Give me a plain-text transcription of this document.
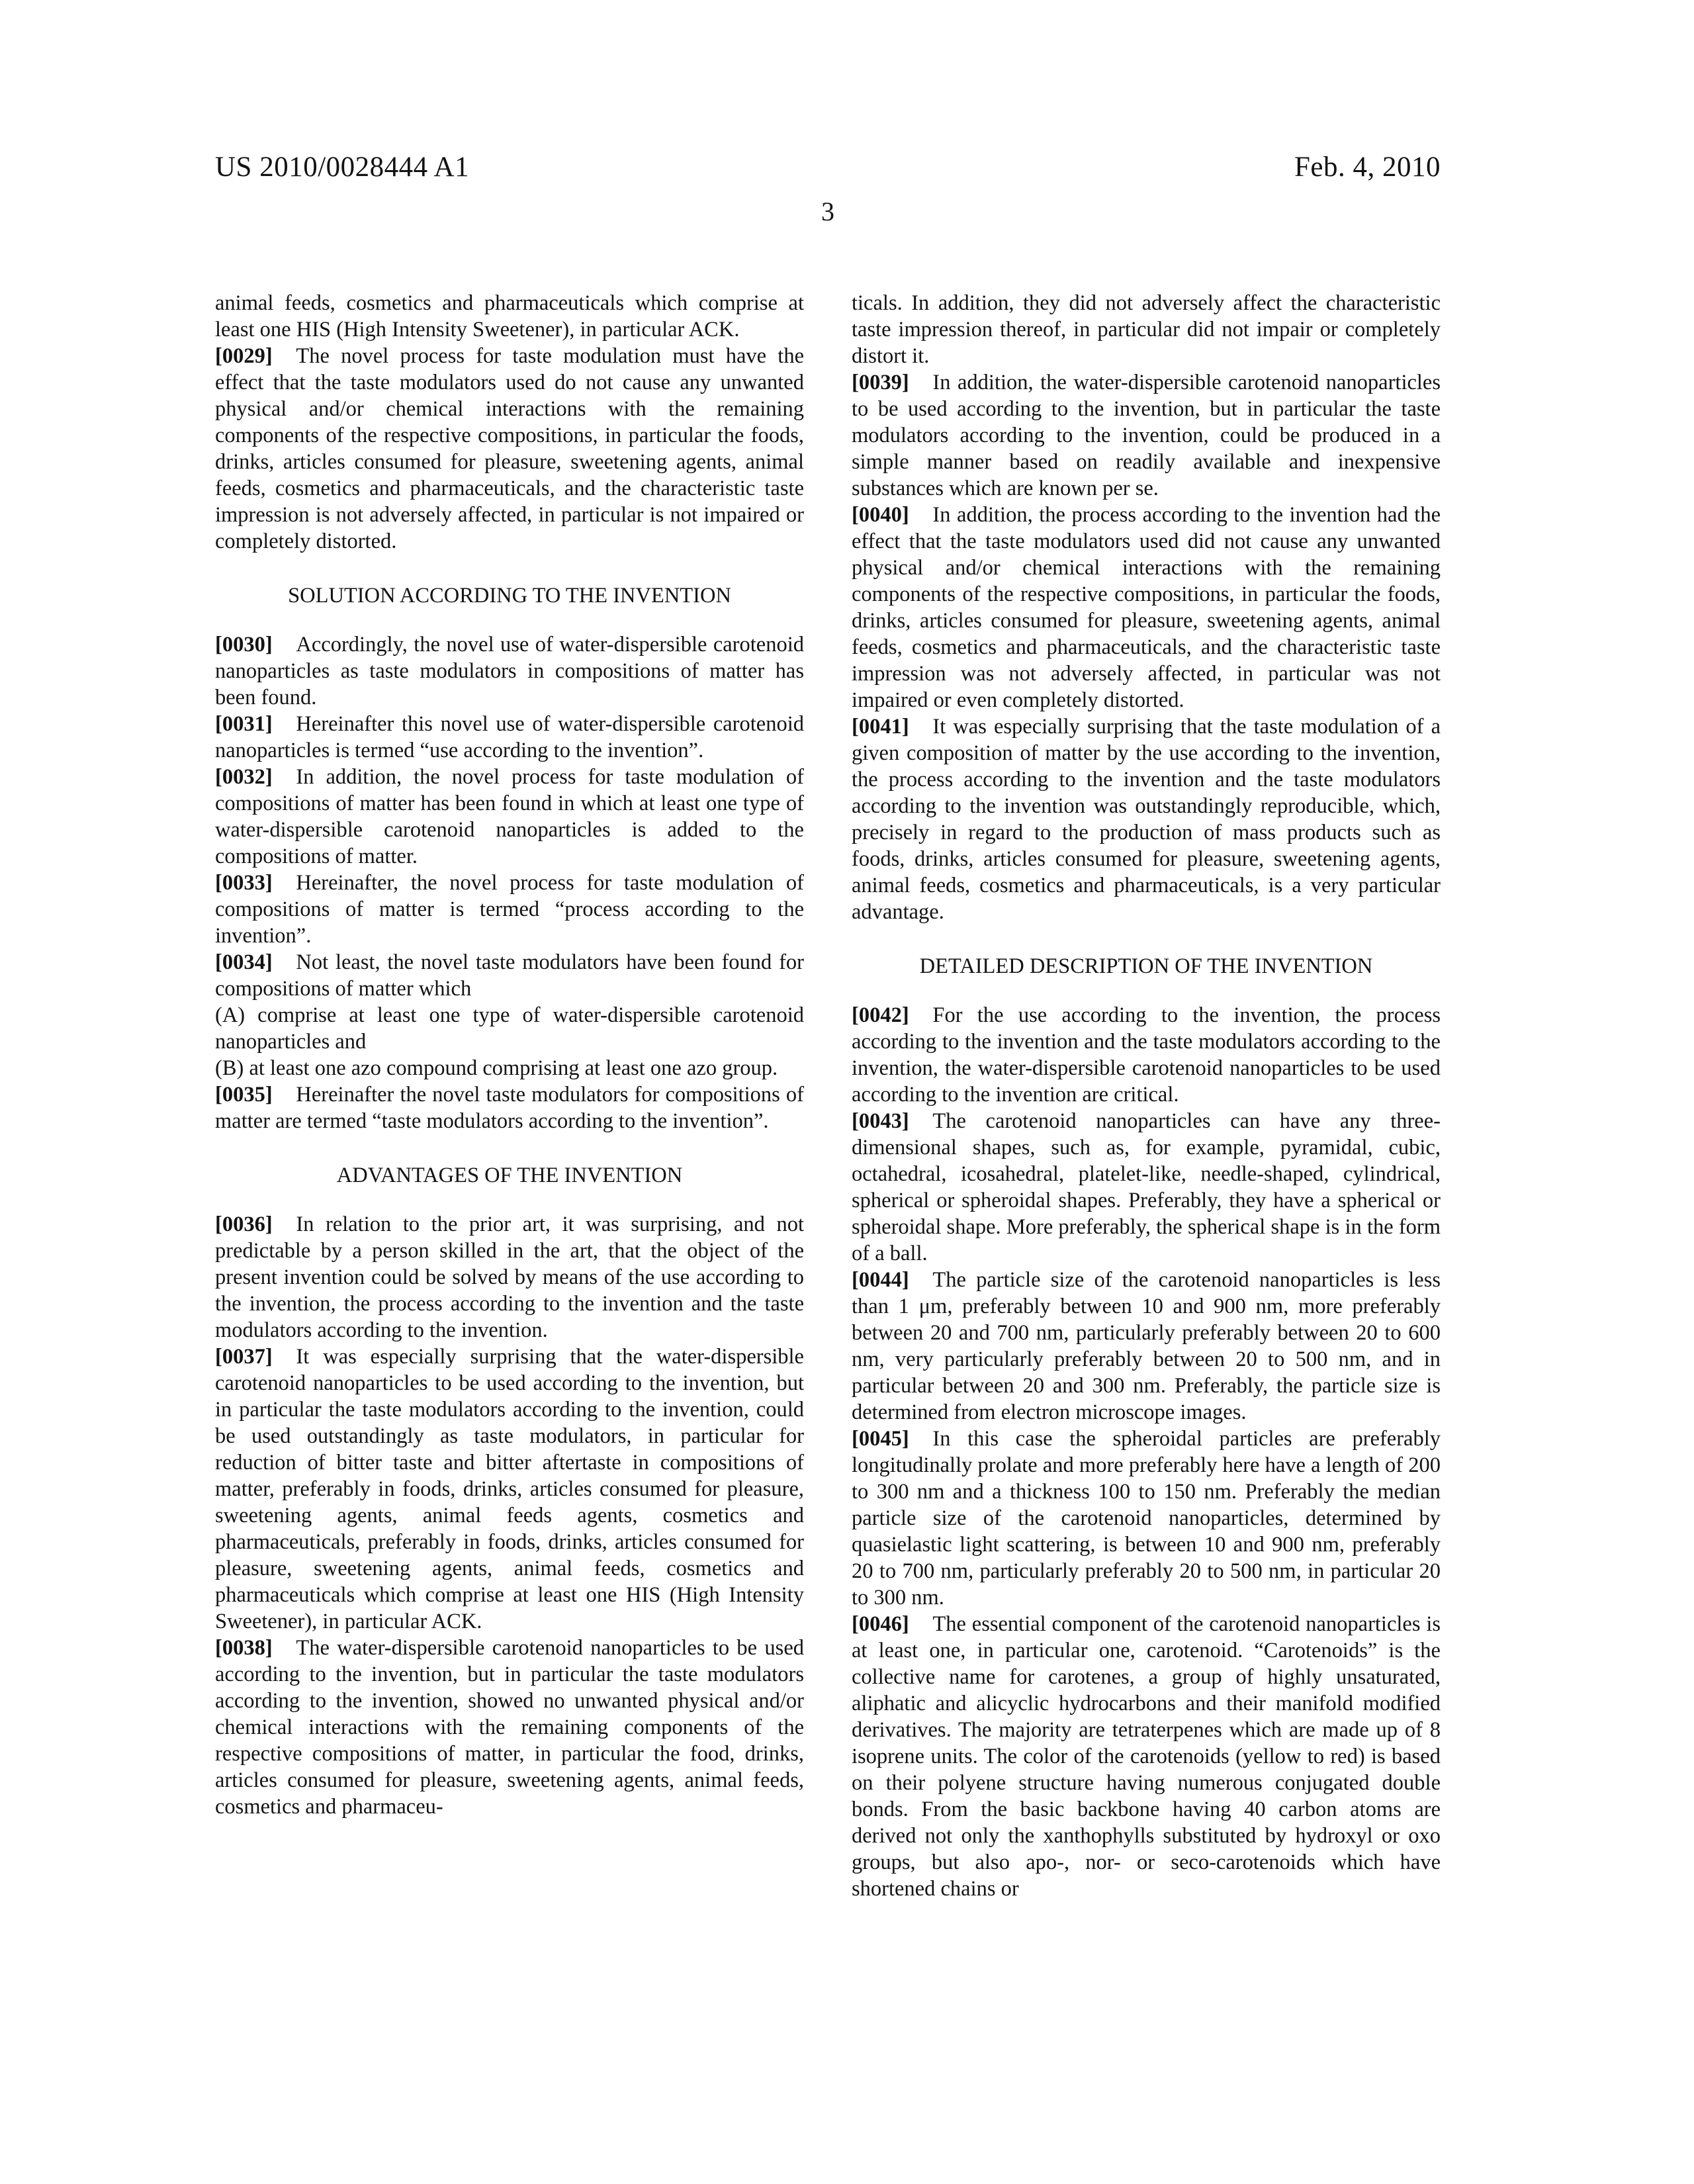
US 2010/0028444 A1	Feb. 4, 2010
3
animal feeds, cosmetics and pharmaceuticals which comprise at least one HIS (High Intensity Sweetener), in particular ACK.
[0029] The novel process for taste modulation must have the effect that the taste modulators used do not cause any unwanted physical and/or chemical interactions with the remaining components of the respective compositions, in particular the foods, drinks, articles consumed for pleasure, sweetening agents, animal feeds, cosmetics and pharmaceuticals, and the characteristic taste impression is not adversely affected, in particular is not impaired or completely distorted.
SOLUTION ACCORDING TO THE INVENTION
[0030] Accordingly, the novel use of water-dispersible carotenoid nanoparticles as taste modulators in compositions of matter has been found.
[0031] Hereinafter this novel use of water-dispersible carotenoid nanoparticles is termed “use according to the invention”.
[0032] In addition, the novel process for taste modulation of compositions of matter has been found in which at least one type of water-dispersible carotenoid nanoparticles is added to the compositions of matter.
[0033] Hereinafter, the novel process for taste modulation of compositions of matter is termed “process according to the invention”.
[0034] Not least, the novel taste modulators have been found for compositions of matter which
(A) comprise at least one type of water-dispersible carotenoid nanoparticles and
(B) at least one azo compound comprising at least one azo group.
[0035] Hereinafter the novel taste modulators for compositions of matter are termed “taste modulators according to the invention”.
ADVANTAGES OF THE INVENTION
[0036] In relation to the prior art, it was surprising, and not predictable by a person skilled in the art, that the object of the present invention could be solved by means of the use according to the invention, the process according to the invention and the taste modulators according to the invention.
[0037] It was especially surprising that the water-dispersible carotenoid nanoparticles to be used according to the invention, but in particular the taste modulators according to the invention, could be used outstandingly as taste modulators, in particular for reduction of bitter taste and bitter aftertaste in compositions of matter, preferably in foods, drinks, articles consumed for pleasure, sweetening agents, animal feeds agents, cosmetics and pharmaceuticals, preferably in foods, drinks, articles consumed for pleasure, sweetening agents, animal feeds, cosmetics and pharmaceuticals which comprise at least one HIS (High Intensity Sweetener), in particular ACK.
[0038] The water-dispersible carotenoid nanoparticles to be used according to the invention, but in particular the taste modulators according to the invention, showed no unwanted physical and/or chemical interactions with the remaining components of the respective compositions of matter, in particular the food, drinks, articles consumed for pleasure, sweetening agents, animal feeds, cosmetics and pharmaceu-
ticals. In addition, they did not adversely affect the characteristic taste impression thereof, in particular did not impair or completely distort it.
[0039] In addition, the water-dispersible carotenoid nanoparticles to be used according to the invention, but in particular the taste modulators according to the invention, could be produced in a simple manner based on readily available and inexpensive substances which are known per se.
[0040] In addition, the process according to the invention had the effect that the taste modulators used did not cause any unwanted physical and/or chemical interactions with the remaining components of the respective compositions, in particular the foods, drinks, articles consumed for pleasure, sweetening agents, animal feeds, cosmetics and pharmaceuticals, and the characteristic taste impression was not adversely affected, in particular was not impaired or even completely distorted.
[0041] It was especially surprising that the taste modulation of a given composition of matter by the use according to the invention, the process according to the invention and the taste modulators according to the invention was outstandingly reproducible, which, precisely in regard to the production of mass products such as foods, drinks, articles consumed for pleasure, sweetening agents, animal feeds, cosmetics and pharmaceuticals, is a very particular advantage.
DETAILED DESCRIPTION OF THE INVENTION
[0042] For the use according to the invention, the process according to the invention and the taste modulators according to the invention, the water-dispersible carotenoid nanoparticles to be used according to the invention are critical.
[0043] The carotenoid nanoparticles can have any three-dimensional shapes, such as, for example, pyramidal, cubic, octahedral, icosahedral, platelet-like, needle-shaped, cylindrical, spherical or spheroidal shapes. Preferably, they have a spherical or spheroidal shape. More preferably, the spherical shape is in the form of a ball.
[0044] The particle size of the carotenoid nanoparticles is less than 1 μm, preferably between 10 and 900 nm, more preferably between 20 and 700 nm, particularly preferably between 20 to 600 nm, very particularly preferably between 20 to 500 nm, and in particular between 20 and 300 nm. Preferably, the particle size is determined from electron microscope images.
[0045] In this case the spheroidal particles are preferably longitudinally prolate and more preferably here have a length of 200 to 300 nm and a thickness 100 to 150 nm. Preferably the median particle size of the carotenoid nanoparticles, determined by quasielastic light scattering, is between 10 and 900 nm, preferably 20 to 700 nm, particularly preferably 20 to 500 nm, in particular 20 to 300 nm.
[0046] The essential component of the carotenoid nanoparticles is at least one, in particular one, carotenoid. “Carotenoids” is the collective name for carotenes, a group of highly unsaturated, aliphatic and alicyclic hydrocarbons and their manifold modified derivatives. The majority are tetraterpenes which are made up of 8 isoprene units. The color of the carotenoids (yellow to red) is based on their polyene structure having numerous conjugated double bonds. From the basic backbone having 40 carbon atoms are derived not only the xanthophylls substituted by hydroxyl or oxo groups, but also apo-, nor- or seco-carotenoids which have shortened chains or
